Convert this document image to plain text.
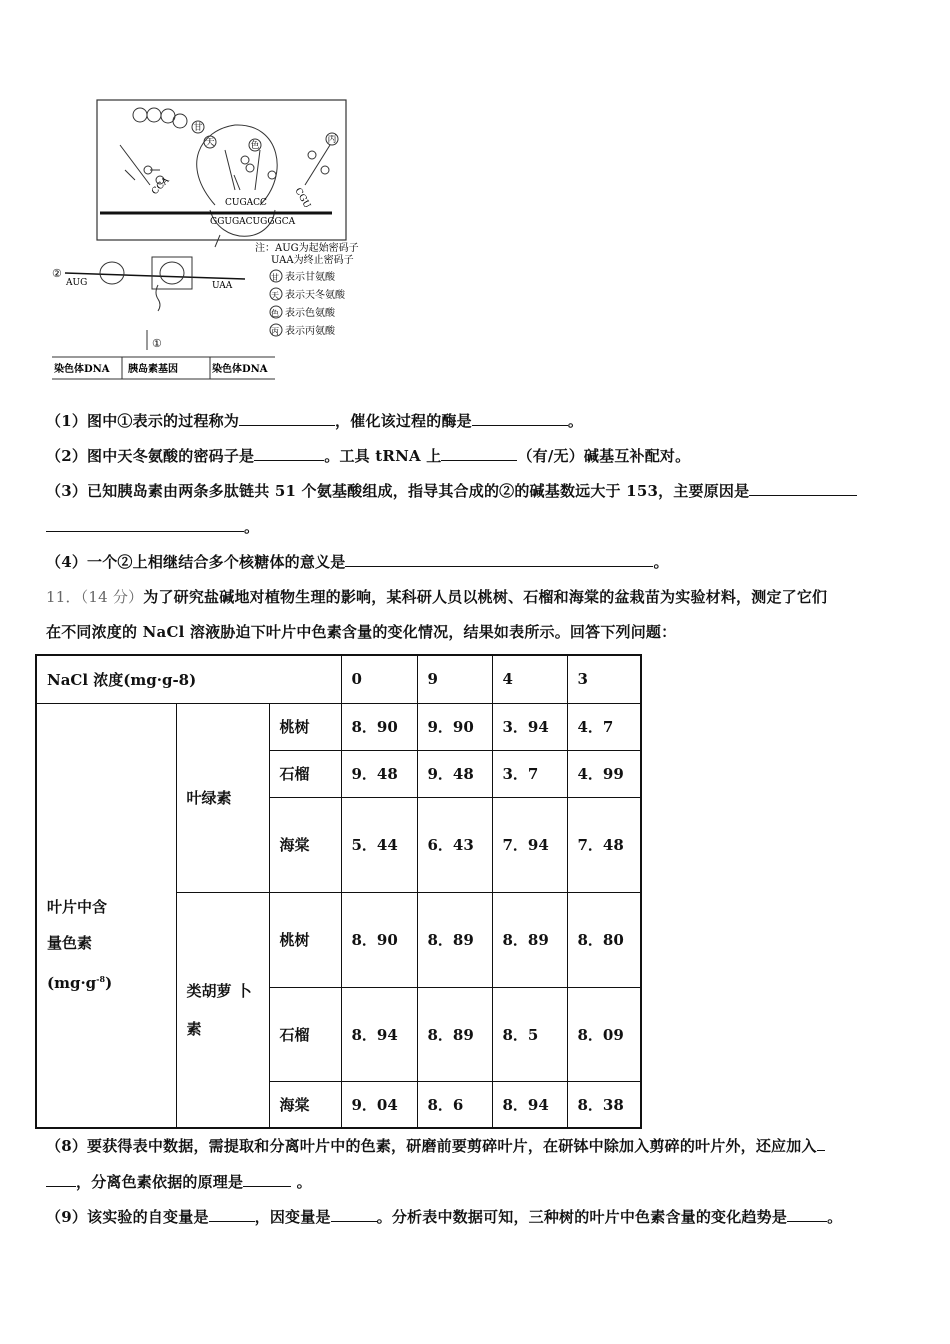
甘
天	色
丙
CCA
CGU
CUGACC
GGUGACUGGGCA
②
AUG	UAA
①
染色体DNA 胰岛素基因	染色体DNA
注：AUG为起始密码子
UAA为终止密码子
甘 表示甘氨酸
天 表示天冬氨酸
色 表示色氨酸
丙 表示丙氨酸
（1）图中①表示的过程称为	，催化该过程的酶是	。
（2）图中天冬氨酸的密码子是	。工具 tRNA 上	（有/无）碱基互补配对。
（3）已知胰岛素由两条多肽链共 51 个氨基酸组成，指导其合成的②的碱基数远大于 153，主要原因是
。
（4）一个②上相继结合多个核糖体的意义是	。
11．（14 分）为了研究盐碱地对植物生理的影响，某科研人员以桃树、石榴和海棠的盆栽苗为实验材料，测定了它们
在不同浓度的 NaCl 溶液胁迫下叶片中色素含量的变化情况，结果如表所示。回答下列问题：
NaCl 浓度(mg·g-8)			0	9	4	3

叶片中含
量色素
$(mg\cdot g^{-8})$	叶绿素	桃树	8．90	9．90	3．94	4．7
		石榴	9．48	9．48	3．7	4．99
		海棠	5．44	6．43	7．94	7．48

	类胡萝 卜
素	桃树	8．90	8．89	8．89	8．80
		石榴	8．94	8．89	8．5	8．09
		海棠	9．04	8．6	8．94	8．38
（8）要获得表中数据，需提取和分离叶片中的色素，研磨前要剪碎叶片，在研钵中除加入剪碎的叶片外，还应加入
，分离色素依据的原理是	。
（9）该实验的自变量是	，因变量是	。分析表中数据可知，三种树的叶片中色素含量的变化趋势是	。
